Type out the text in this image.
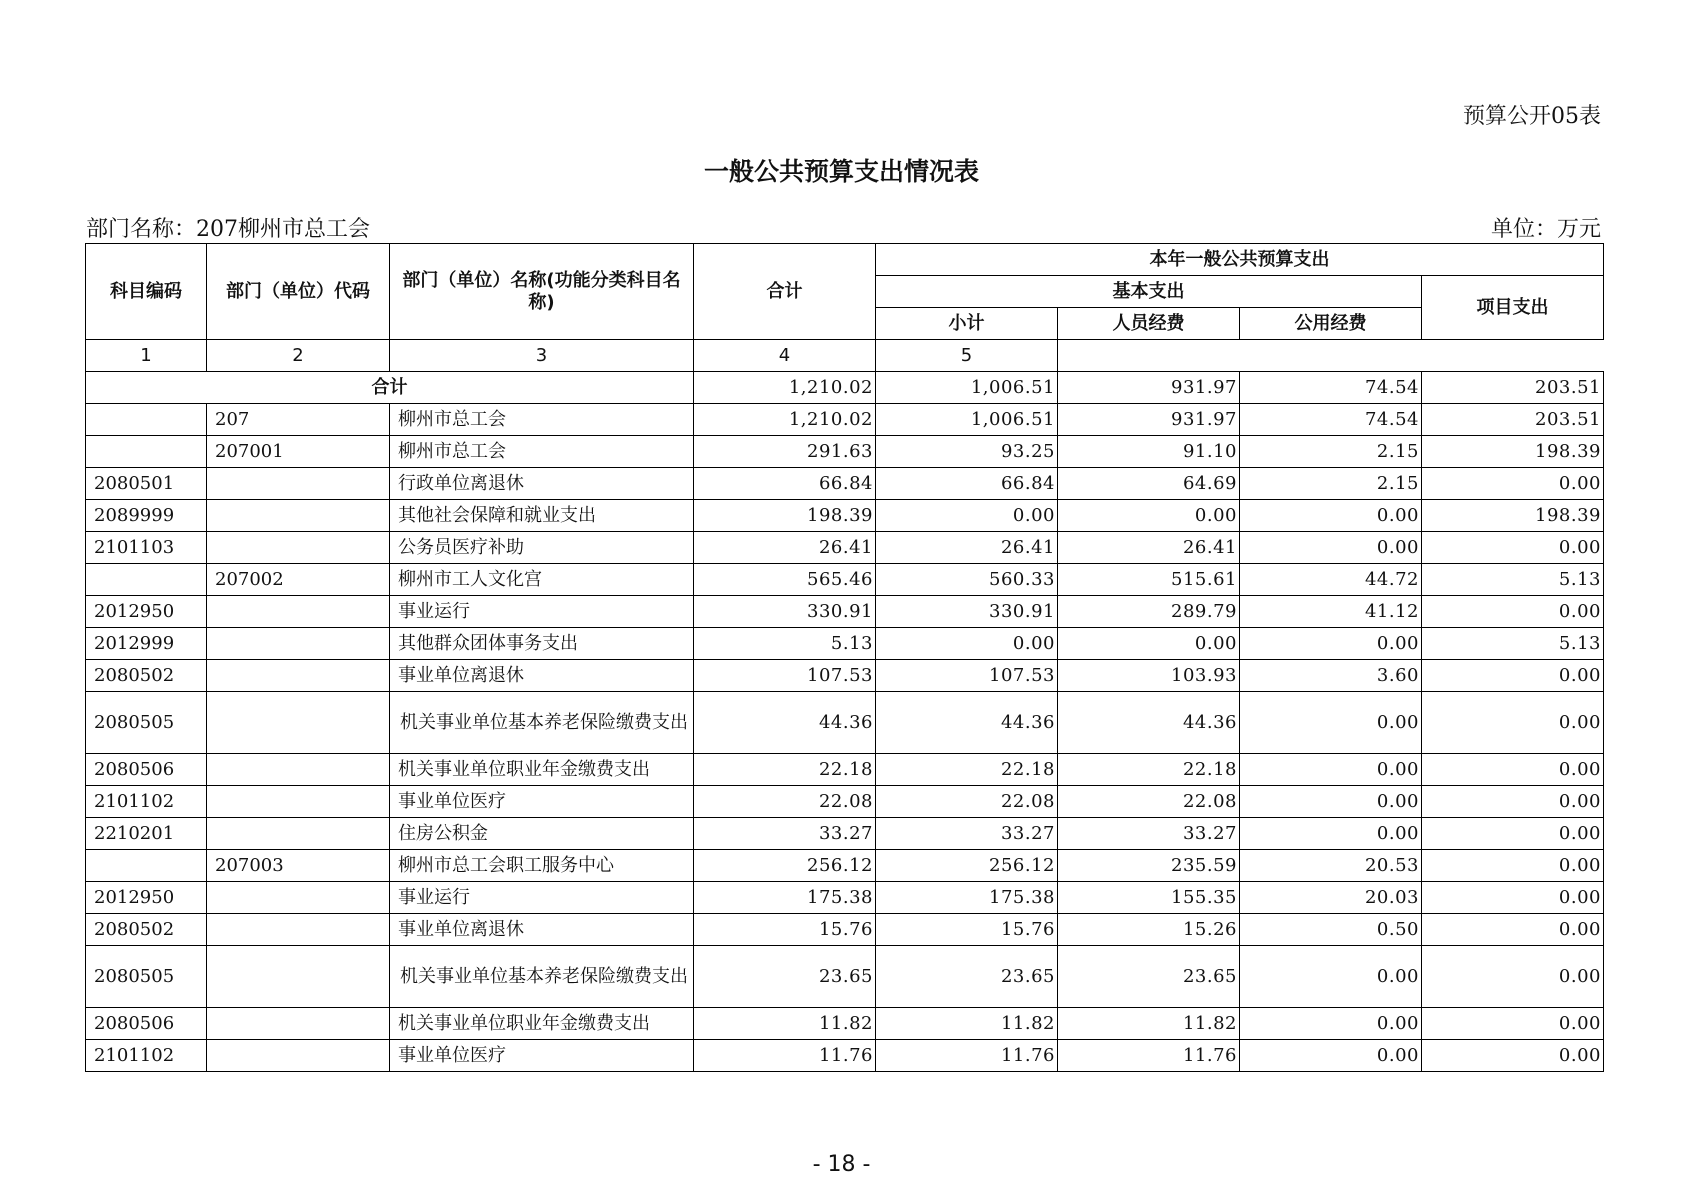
预算公开05表
一般公共预算支出情况表
部门名称：207柳州市总工会	单位：万元
科目编码	部门（单位）代码	部门（单位）名称(功能分类科目名称)	合计	本年一般公共预算支出			
				基本支出			项目支出
				小计	人员经费	公用经费	
1	2	3	4	5			
合计			1,210.02	1,006.51	931.97	74.54	203.51
	207	柳州市总工会	1,210.02	1,006.51	931.97	74.54	203.51
	207001	柳州市总工会	291.63	93.25	91.10	2.15	198.39
2080501		行政单位离退休	66.84	66.84	64.69	2.15	0.00
2089999		其他社会保障和就业支出	198.39	0.00	0.00	0.00	198.39
2101103		公务员医疗补助	26.41	26.41	26.41	0.00	0.00
	207002	柳州市工人文化宫	565.46	560.33	515.61	44.72	5.13
2012950		事业运行	330.91	330.91	289.79	41.12	0.00
2012999		其他群众团体事务支出	5.13	0.00	0.00	0.00	5.13
2080502		事业单位离退休	107.53	107.53	103.93	3.60	0.00
2080505		机关事业单位基本养老保险缴费支出	44.36	44.36	44.36	0.00	0.00
2080506		机关事业单位职业年金缴费支出	22.18	22.18	22.18	0.00	0.00
2101102		事业单位医疗	22.08	22.08	22.08	0.00	0.00
2210201		住房公积金	33.27	33.27	33.27	0.00	0.00
	207003	柳州市总工会职工服务中心	256.12	256.12	235.59	20.53	0.00
2012950		事业运行	175.38	175.38	155.35	20.03	0.00
2080502		事业单位离退休	15.76	15.76	15.26	0.50	0.00
2080505		机关事业单位基本养老保险缴费支出	23.65	23.65	23.65	0.00	0.00
2080506		机关事业单位职业年金缴费支出	11.82	11.82	11.82	0.00	0.00
2101102		事业单位医疗	11.76	11.76	11.76	0.00	0.00
- 18 -
